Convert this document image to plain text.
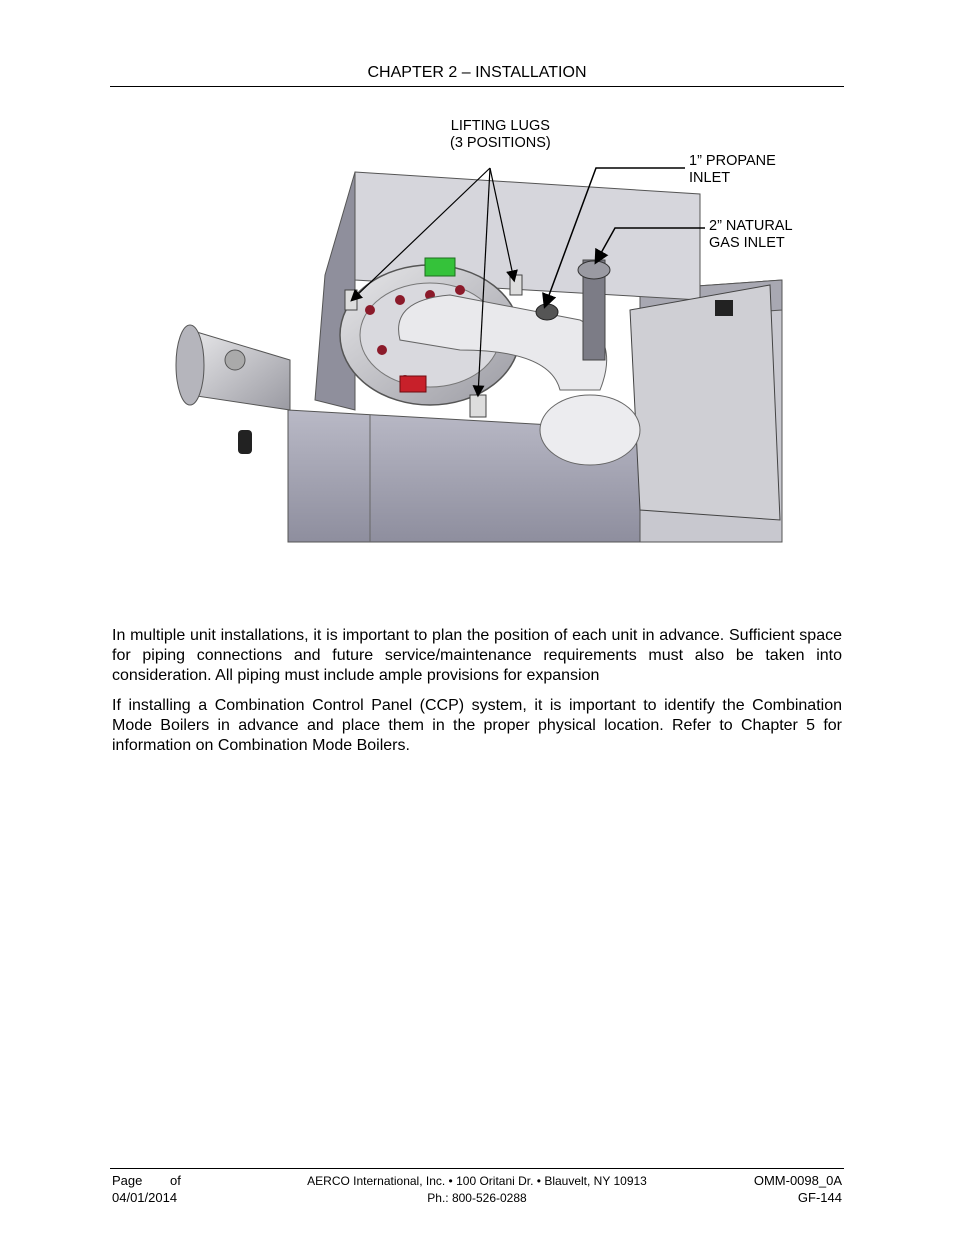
CHAPTER 2 – INSTALLATION
LIFTING LUGS
(3 POSITIONS)
1” PROPANE
INLET
2” NATURAL
GAS INLET

In multiple unit installations, it is important to plan the position of each unit in advance. Sufficient space for piping connections and future service/maintenance requirements must also be taken into consideration. All piping must include ample provisions for expansion

If installing a Combination Control Panel (CCP) system, it is important to identify the Combination Mode Boilers in advance and place them in the proper physical location. Refer to Chapter 5 for information on Combination Mode Boilers.

Page of
04/01/2014
AERCO International, Inc. • 100 Oritani Dr. • Blauvelt, NY 10913
Ph.: 800-526-0288
OMM-0098_0A
GF-144
